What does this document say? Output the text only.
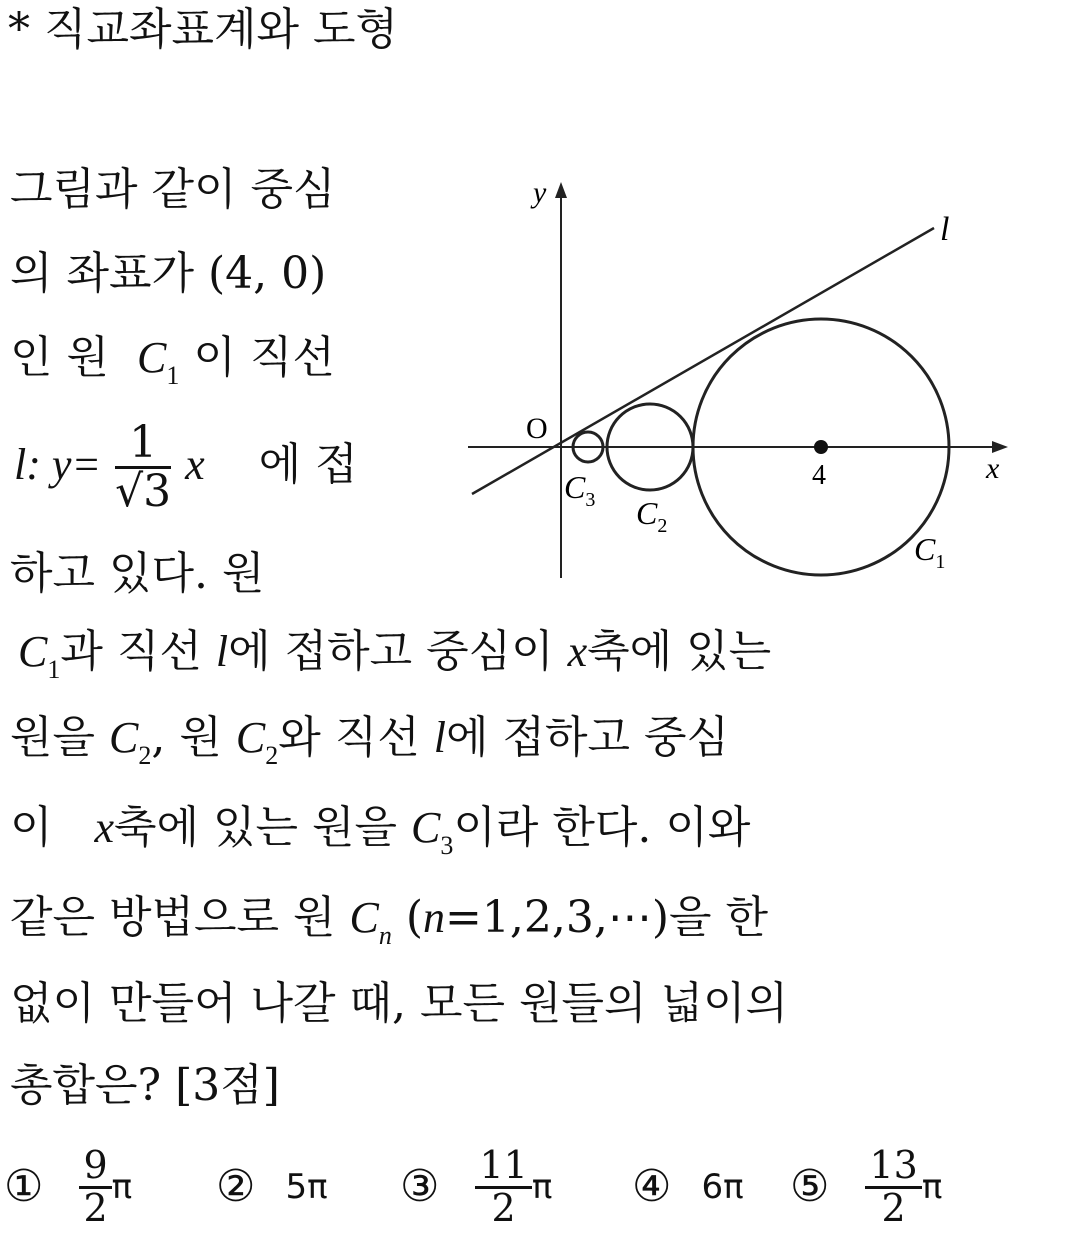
* 직교좌표계와 도형
그림과 같이 중심
의 좌표가 (4, 0)
인 원 $C_1$ 이 직선
l: $y= \frac{1}{√3}$ x 에 접
하고 있다. 원
$C_1$과 직선 l에 접하고 중심이 x축에 있는
원을 $C_2$, 원 $C_2$와 직선 l에 접하고 중심
이 x축에 있는 원을 $C_3$이라 한다. 이와
같은 방법으로 원 $C_n$ (n=1,2,3,⋯)을 한
없이 만들어 나갈 때, 모든 원들의 넓이의
총합은? [3점]
① $\frac{9}{2}$ π ② 5π ③ $\frac{11}{2}$ π ④ 6π ⑤ $\frac{13}{2}$ π
y
x
l
O
4
$C_1$
$C_2$
$C_3$
